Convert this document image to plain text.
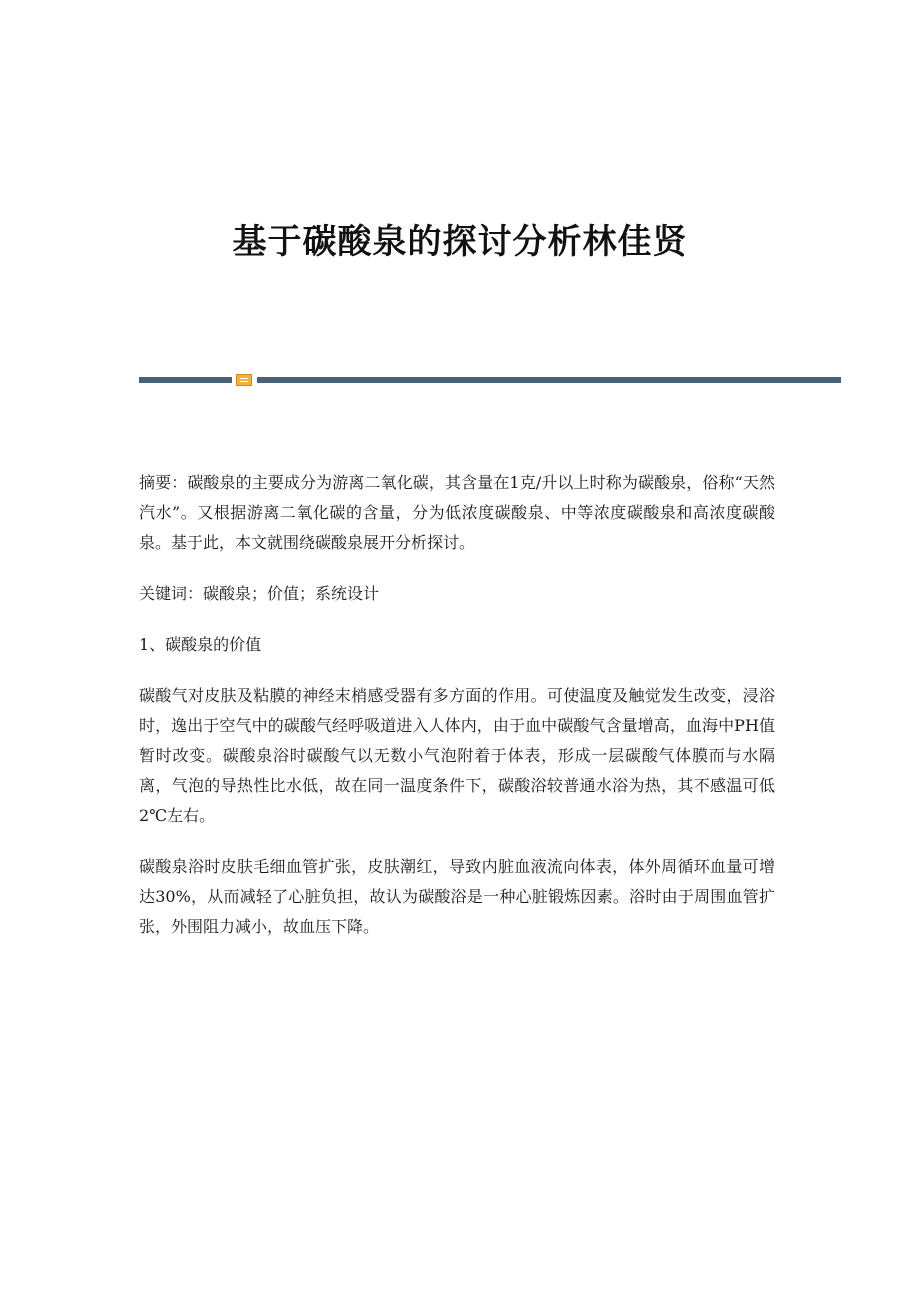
基于碳酸泉的探讨分析林佳贤

摘要：碳酸泉的主要成分为游离二氧化碳，其含量在1克/升以上时称为碳酸泉，俗称“天然汽水”。又根据游离二氧化碳的含量，分为低浓度碳酸泉、中等浓度碳酸泉和高浓度碳酸泉。基于此，本文就围绕碳酸泉展开分析探讨。

关键词：碳酸泉；价值；系统设计

1、碳酸泉的价值

碳酸气对皮肤及粘膜的神经末梢感受器有多方面的作用。可使温度及触觉发生改变，浸浴时，逸出于空气中的碳酸气经呼吸道进入人体内，由于血中碳酸气含量增高，血海中PH值暂时改变。碳酸泉浴时碳酸气以无数小气泡附着于体表，形成一层碳酸气体膜而与水隔离，气泡的导热性比水低，故在同一温度条件下，碳酸浴较普通水浴为热，其不感温可低2℃左右。

碳酸泉浴时皮肤毛细血管扩张，皮肤潮红，导致内脏血液流向体表，体外周循环血量可增达30%，从而减轻了心脏负担，故认为碳酸浴是一种心脏锻炼因素。浴时由于周围血管扩张，外围阻力减小，故血压下降。
